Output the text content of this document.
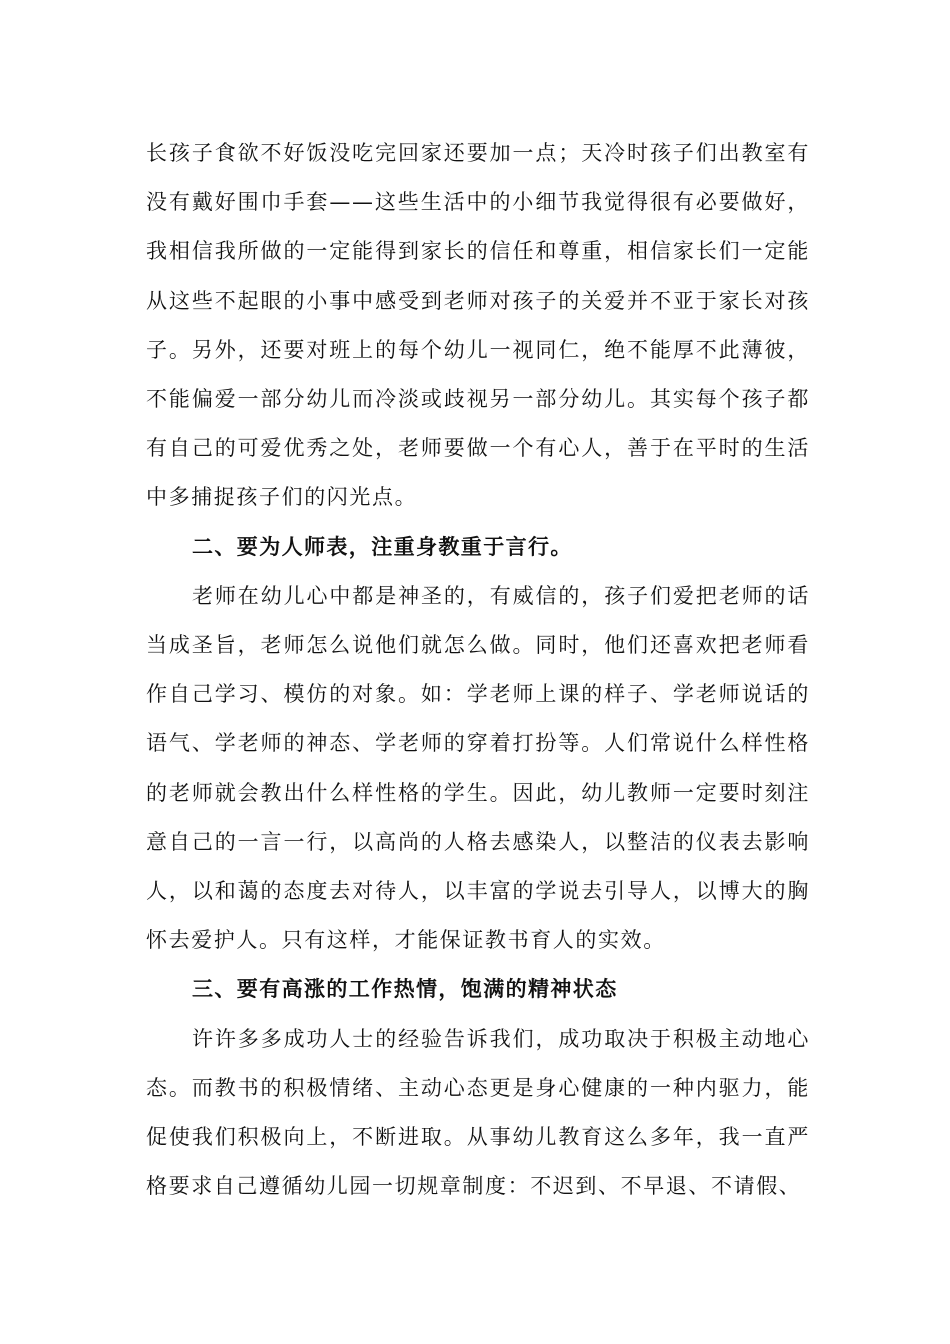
长孩子食欲不好饭没吃完回家还要加一点；天冷时孩子们出教室有没有戴好围巾手套——这些生活中的小细节我觉得很有必要做好，我相信我所做的一定能得到家长的信任和尊重，相信家长们一定能从这些不起眼的小事中感受到老师对孩子的关爱并不亚于家长对孩子。另外，还要对班上的每个幼儿一视同仁，绝不能厚不此薄彼，不能偏爱一部分幼儿而冷淡或歧视另一部分幼儿。其实每个孩子都有自己的可爱优秀之处，老师要做一个有心人，善于在平时的生活中多捕捉孩子们的闪光点。

二、要为人师表，注重身教重于言行。

老师在幼儿心中都是神圣的，有威信的，孩子们爱把老师的话当成圣旨，老师怎么说他们就怎么做。同时，他们还喜欢把老师看作自己学习、模仿的对象。如：学老师上课的样子、学老师说话的语气、学老师的神态、学老师的穿着打扮等。人们常说什么样性格的老师就会教出什么样性格的学生。因此，幼儿教师一定要时刻注意自己的一言一行，以高尚的人格去感染人，以整洁的仪表去影响人，以和蔼的态度去对待人，以丰富的学说去引导人，以博大的胸怀去爱护人。只有这样，才能保证教书育人的实效。

三、要有高涨的工作热情，饱满的精神状态

许许多多成功人士的经验告诉我们，成功取决于积极主动地心态。而教书的积极情绪、主动心态更是身心健康的一种内驱力，能促使我们积极向上，不断进取。从事幼儿教育这么多年，我一直严格要求自己遵循幼儿园一切规章制度：不迟到、不早退、不请假、
